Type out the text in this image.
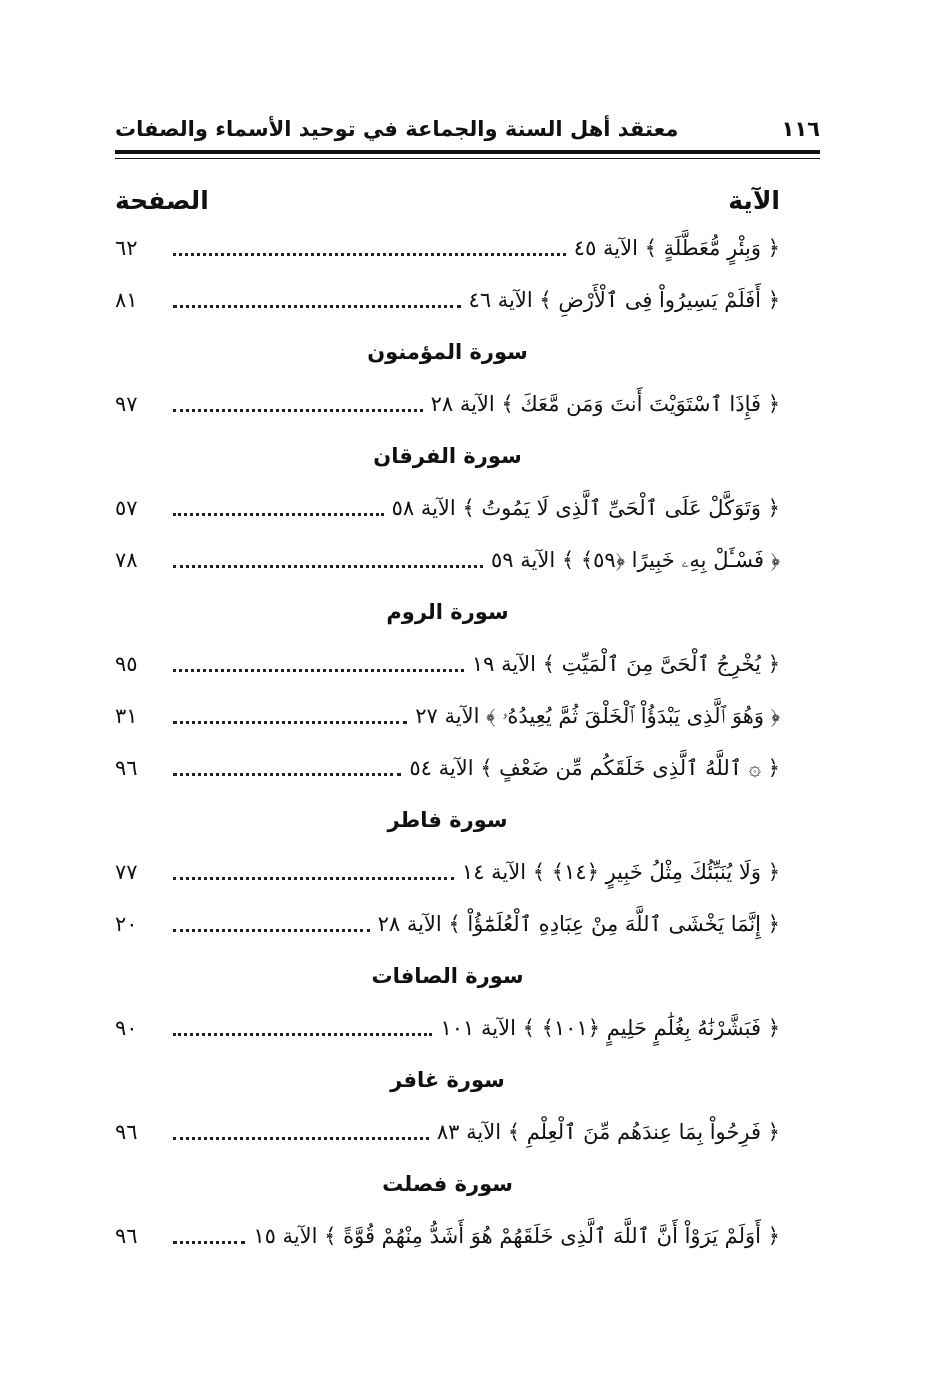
١١٦
معتقد أهل السنة والجماعة في توحيد الأسماء والصفات
الآية
الصفحة
﴿ وَبِئْرٍ مُّعَطَّلَةٍ ﴾ الآية ٤٥
٦٢
﴿ أَفَلَمْ يَسِيرُواْ فِى ٱلْأَرْضِ ﴾ الآية ٤٦
٨١
سورة المؤمنون
﴿ فَإِذَا ٱسْتَوَيْتَ أَنتَ وَمَن مَّعَكَ ﴾ الآية ٢٨
٩٧
سورة الفرقان
﴿ وَتَوَكَّلْ عَلَى ٱلْحَىِّ ٱلَّذِى لَا يَمُوتُ ﴾ الآية ٥٨
٥٧
﴿ فَسْـَٔلْ بِهِۦ خَبِيرًا ﴿٥٩﴾ ﴾ الآية ٥٩
٧٨
سورة الروم
﴿ يُخْرِجُ ٱلْحَىَّ مِنَ ٱلْمَيِّتِ ﴾ الآية ١٩
٩٥
﴿ وَهُوَ ٱلَّذِى يَبْدَؤُاْ ٱلْخَلْقَ ثُمَّ يُعِيدُهُۥ ﴾ الآية ٢٧
٣١
﴿ ۞ ٱللَّهُ ٱلَّذِى خَلَقَكُم مِّن ضَعْفٍ ﴾ الآية ٥٤
٩٦
سورة فاطر
﴿ وَلَا يُنَبِّئُكَ مِثْلُ خَبِيرٍ ﴿١٤﴾ ﴾ الآية ١٤
٧٧
﴿ إِنَّمَا يَخْشَى ٱللَّهَ مِنْ عِبَادِهِ ٱلْعُلَمَٰٓؤُاْ ﴾ الآية ٢٨
٢٠
سورة الصافات
﴿ فَبَشَّرْنَٰهُ بِغُلَٰمٍ حَلِيمٍ ﴿١٠١﴾ ﴾ الآية ١٠١
٩٠
سورة غافر
﴿ فَرِحُواْ بِمَا عِندَهُم مِّنَ ٱلْعِلْمِ ﴾ الآية ٨٣
٩٦
سورة فصلت
﴿ أَوَلَمْ يَرَوْاْ أَنَّ ٱللَّهَ ٱلَّذِى خَلَقَهُمْ هُوَ أَشَدُّ مِنْهُمْ قُوَّةً ﴾ الآية ١٥
٩٦
